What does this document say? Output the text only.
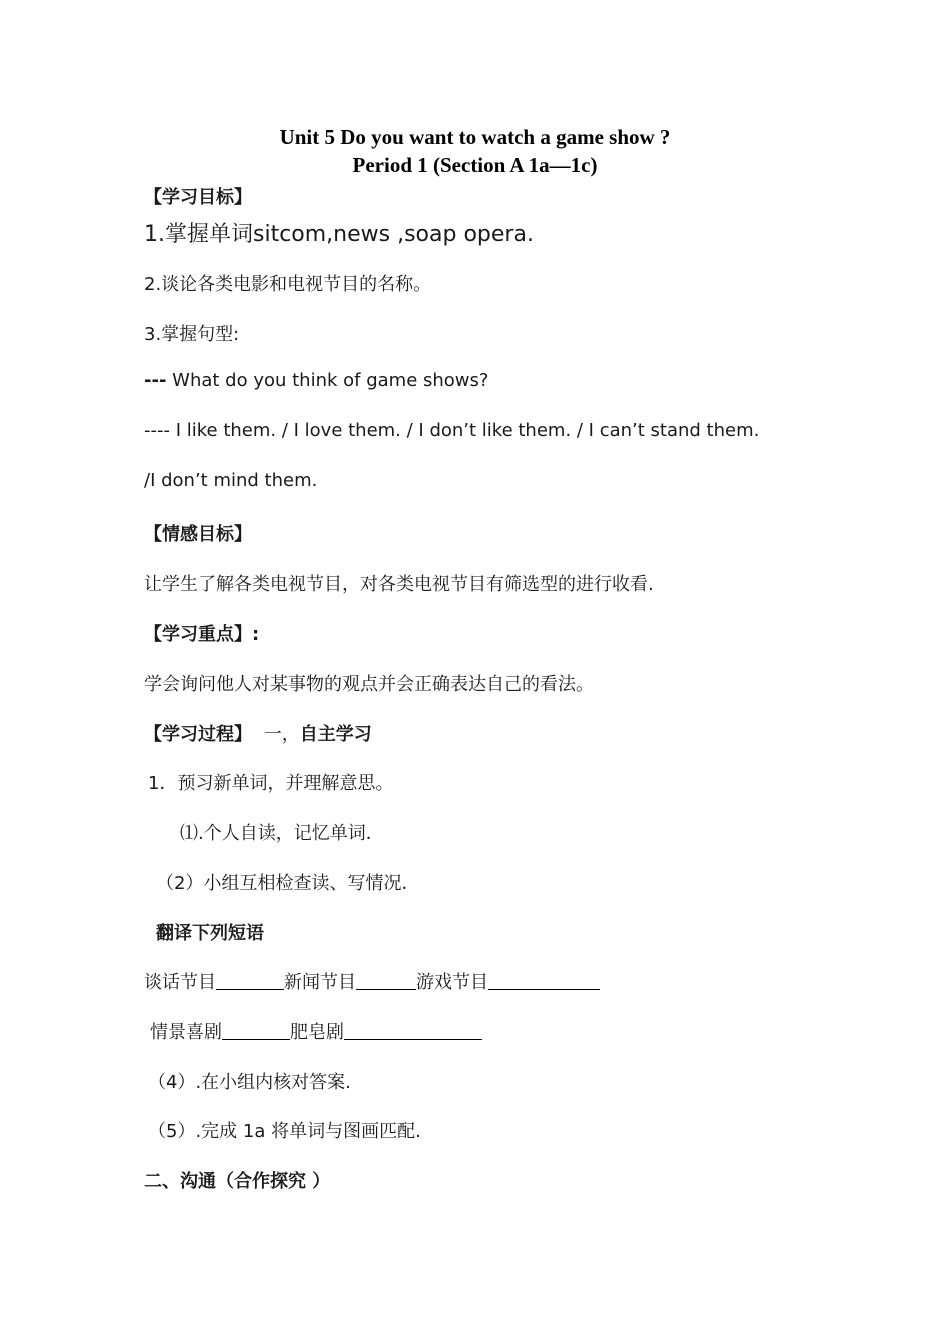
Unit 5 Do you want to watch a game show ?
Period 1 (Section A 1a—1c)
【学习目标】
1.掌握单词sitcom,news ,soap opera.
2.谈论各类电影和电视节目的名称。
3.掌握句型:
--- What do you think of game shows?
---- I like them. / I love them. / I don’t like them. / I can’t stand them.
/I don’t mind them.
【情感目标】
让学生了解各类电视节目，对各类电视节目有筛选型的进行收看.
【学习重点】:
学会询问他人对某事物的观点并会正确表达自己的看法。
【学习过程】 一，自主学习
1．预习新单词，并理解意思。
⑴.个人自读，记忆单词．
（2）小组互相检查读、写情况．
翻译下列短语
谈话节目	新闻节目	游戏节目
情景喜剧	肥皂剧
（4）.在小组内核对答案.
（5）.完成 1a 将单词与图画匹配.
二、沟通（合作探究 ）
